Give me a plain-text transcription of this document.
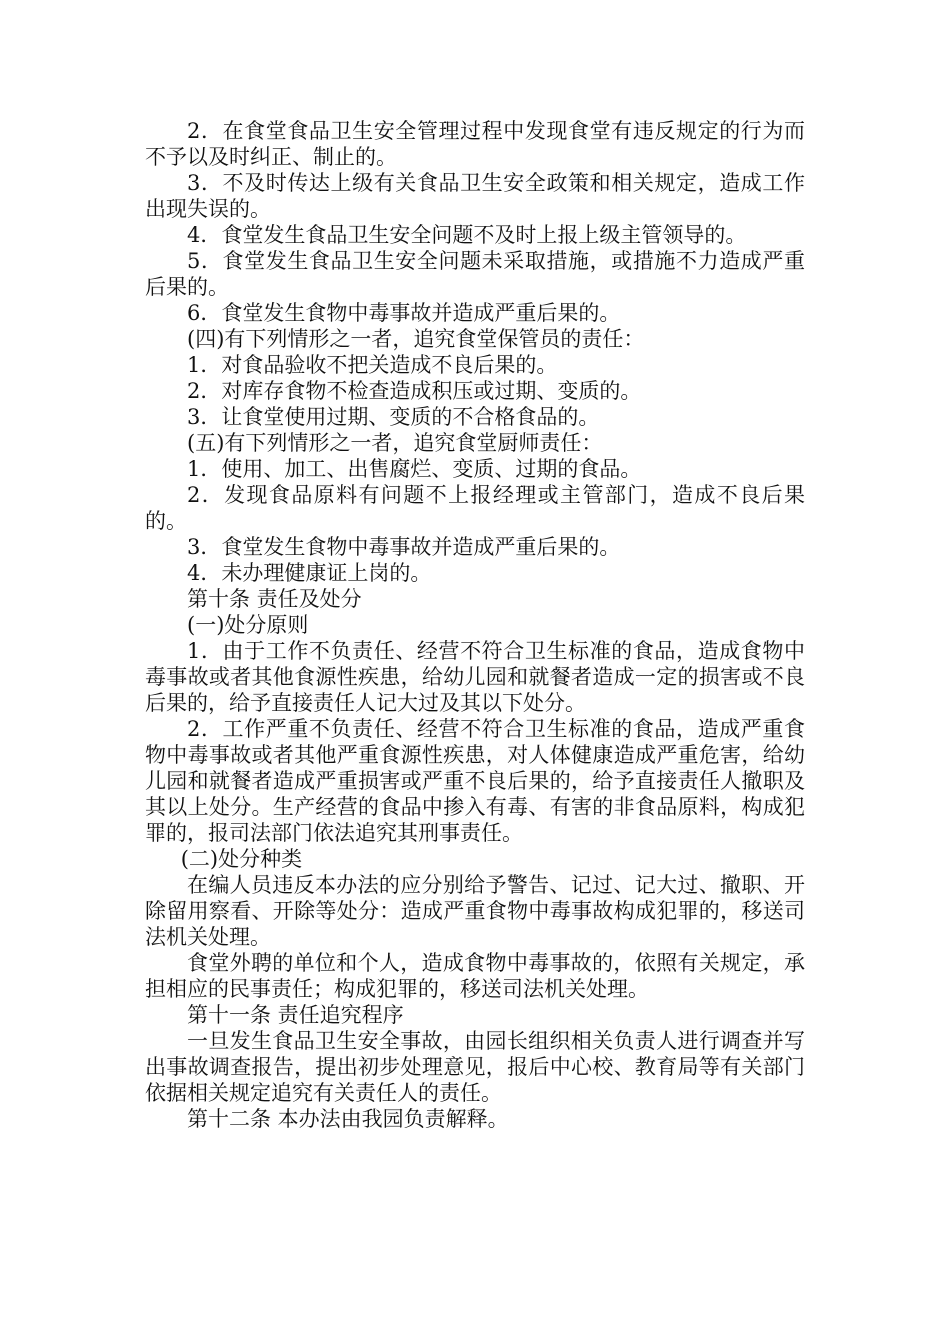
2．在食堂食品卫生安全管理过程中发现食堂有违反规定的行为而不予以及时纠正、制止的。

3．不及时传达上级有关食品卫生安全政策和相关规定，造成工作出现失误的。

4．食堂发生食品卫生安全问题不及时上报上级主管领导的。

5．食堂发生食品卫生安全问题未采取措施，或措施不力造成严重后果的。

6．食堂发生食物中毒事故并造成严重后果的。

(四)有下列情形之一者，追究食堂保管员的责任：

1．对食品验收不把关造成不良后果的。

2．对库存食物不检查造成积压或过期、变质的。

3．让食堂使用过期、变质的不合格食品的。

(五)有下列情形之一者，追究食堂厨师责任：

1．使用、加工、出售腐烂、变质、过期的食品。

2．发现食品原料有问题不上报经理或主管部门，造成不良后果的。

3．食堂发生食物中毒事故并造成严重后果的。

4．未办理健康证上岗的。

第十条 责任及处分

(一)处分原则

1．由于工作不负责任、经营不符合卫生标准的食品，造成食物中毒事故或者其他食源性疾患，给幼儿园和就餐者造成一定的损害或不良后果的，给予直接责任人记大过及其以下处分。

2．工作严重不负责任、经营不符合卫生标准的食品，造成严重食物中毒事故或者其他严重食源性疾患，对人体健康造成严重危害，给幼儿园和就餐者造成严重损害或严重不良后果的，给予直接责任人撤职及其以上处分。生产经营的食品中掺入有毒、有害的非食品原料，构成犯罪的，报司法部门依法追究其刑事责任。

(二)处分种类

在编人员违反本办法的应分别给予警告、记过、记大过、撤职、开除留用察看、开除等处分：造成严重食物中毒事故构成犯罪的，移送司法机关处理。

食堂外聘的单位和个人，造成食物中毒事故的，依照有关规定，承担相应的民事责任；构成犯罪的，移送司法机关处理。

第十一条 责任追究程序

一旦发生食品卫生安全事故，由园长组织相关负责人进行调查并写出事故调查报告，提出初步处理意见，报后中心校、教育局等有关部门依据相关规定追究有关责任人的责任。

第十二条 本办法由我园负责解释。
